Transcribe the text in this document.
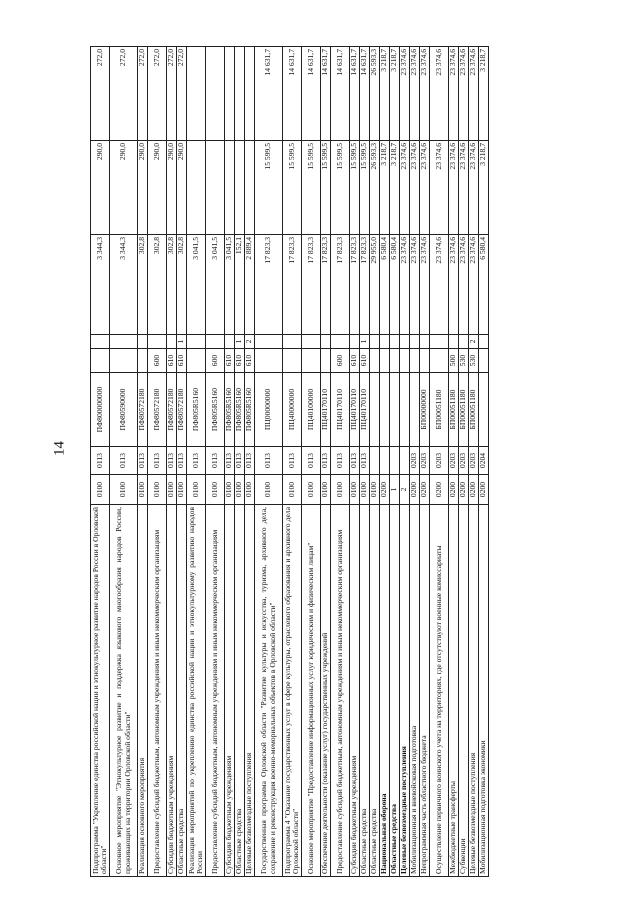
14
Подпрограмма "Укрепление единства российской нации и этнокультурное развитие народов России в Орловской области"	0100	0113	ПФ800000000			3 344,3	290,0	272,0
Основное мероприятие "Этнокультурное развитие и поддержка языкового многообразия народов России, проживающих на территории Орловской области"	0100	0113	ПФ80590000			3 344,3	290,0	272,0
Реализация основного мероприятия	0100	0113	ПФ80572180			302,8	290,0	272,0
Предоставление субсидий бюджетным, автономным учреждениям и иным некоммерческим организациям	0100	0113	ПФ80572180	600		302,8	290,0	272,0
Субсидии бюджетным учреждениям	0100	0113	ПФ80572180	610		302,8	290,0	272,0
Областные средства	0100	0113	ПФ80572180	610	1	302,8	290,0	272,0
Реализация мероприятий по укреплению единства российской нации и этнокультурному развитию народов России	0100	0113	ПФ805R5160			3 041,5		
Предоставление субсидий бюджетным, автономным учреждениям и иным некоммерческим организациям	0100	0113	ПФ805R5160	600		3 041,5		
Субсидии бюджетным учреждениям	0100	0113	ПФ805R5160	610		3 041,5		
Областные средства	0100	0113	ПФ805R5160	610	1	152,1		
Целевые безвозмездные поступления	0100	0113	ПФ805R5160	610	2	2 889,4		
Государственная программа Орловской области "Развитие культуры и искусства, туризма, архивного дела, сохранение и реконструкция военно-мемориальных объектов в Орловской области"	0100	0113	ПЦ00000000			17 823,3	15 599,5	14 631,7
Подпрограмма 4 "Оказание государственных услуг в сфере культуры, отраслевого образования и архивного дела Орловской области"	0100	0113	ПЦ40000000			17 823,3	15 599,5	14 631,7
Основное мероприятие "Предоставление информационных услуг юридическим и физическим лицам"	0100	0113	ПЦ40100000			17 823,3	15 599,5	14 631,7
Обеспечение деятельности (оказание услуг) государственных учреждений	0100	0113	ПЦ40170110			17 823,3	15 599,5	14 631,7
Предоставление субсидий бюджетным, автономным учреждениям и иным некоммерческим организациям	0100	0113	ПЦ40170110	600		17 823,3	15 599,5	14 631,7
Субсидии бюджетным учреждениям	0100	0113	ПЦ40170110	610		17 823,3	15 599,5	14 631,7
Областные средства	0100	0113	ПЦ40170110	610	1	17 823,3	15 599,5	14 631,7
Областные средства	0100					29 955,0	26 593,3	26 593,3
Национальная оборона	0200					6 580,4	3 218,7	3 218,7
Областные средства	1					6 580,4	3 218,7	3 218,7
Целевые безвозмездные поступления	2					23 374,6	23 374,6	23 374,6
Мобилизационная и вневойсковая подготовка	0200	0203				23 374,6	23 374,6	23 374,6
Непрограммная часть областного бюджета	0200	0203	БП00000000			23 374,6	23 374,6	23 374,6
Осуществление первичного воинского учета на территориях, где отсутствуют военные комиссариаты	0200	0203	БП00051180			23 374,6	23 374,6	23 374,6
Межбюджетные трансферты	0200	0203	БП00051180	500		23 374,6	23 374,6	23 374,6
Субвенции	0200	0203	БП00051180	530		23 374,6	23 374,6	23 374,6
Целевые безвозмездные поступления	0200	0203	БП00051180	530	2	23 374,6	23 374,6	23 374,6
Мобилизационная подготовка экономики	0200	0204				6 580,4	3 218,7	3 218,7
